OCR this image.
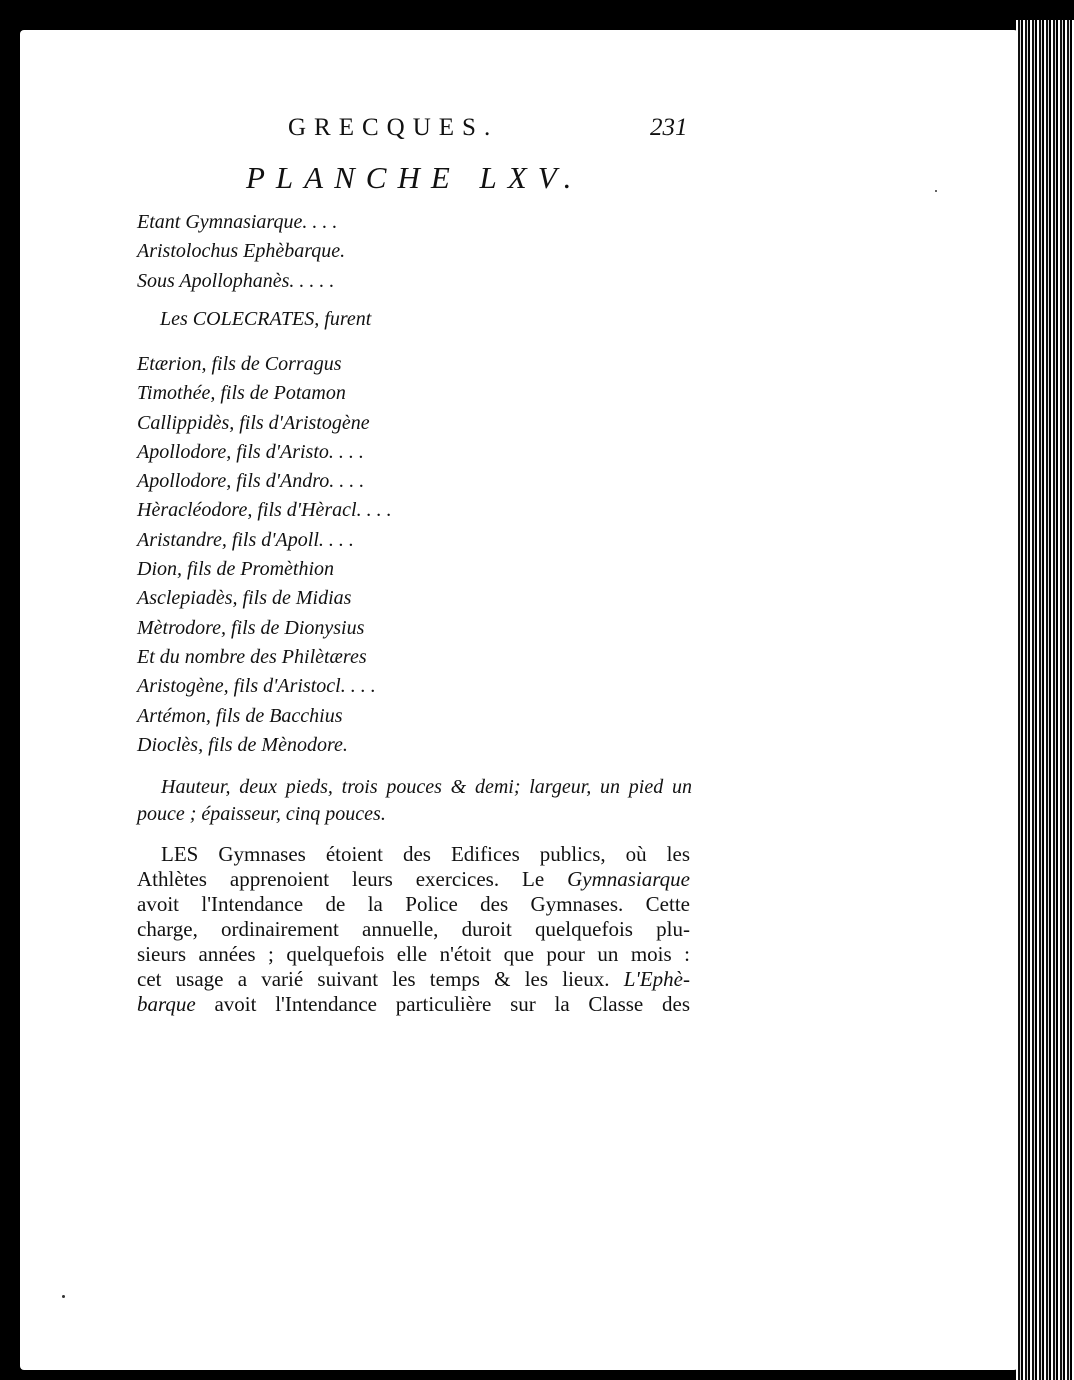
GRECQUES.	231
PLANCHE LXV.
Etant Gymnasiarque. . . .
Aristolochus Ephèbarque.
Sous Apollophanès. . . . .
Les COLECRATES, furent
Etærion, fils de Corragus
Timothée, fils de Potamon
Callippidès, fils d'Aristogène
Apollodore, fils d'Aristo. . . .
Apollodore, fils d'Andro. . . .
Hèracléodore, fils d'Hèracl. . . .
Aristandre, fils d'Apoll. . . .
Dion, fils de Promèthion
Asclepiadès, fils de Midias
Mètrodore, fils de Dionysius
Et du nombre des Philètæres
Aristogène, fils d'Aristocl. . . .
Artémon, fils de Bacchius
Dioclès, fils de Mènodore.
Hauteur, deux pieds, trois pouces & demi; largeur, un pied un pouce ; épaisseur, cinq pouces.

LES Gymnases étoient des Edifices publics, où les
Athlètes apprenoient leurs exercices. Le Gymnasiarque
avoit l'Intendance de la Police des Gymnases. Cette
charge, ordinairement annuelle, duroit quelquefois plu-
sieurs années ; quelquefois elle n'étoit que pour un mois :
cet usage a varié suivant les temps & les lieux. L'Ephè-
barque avoit l'Intendance particulière sur la Classe des
